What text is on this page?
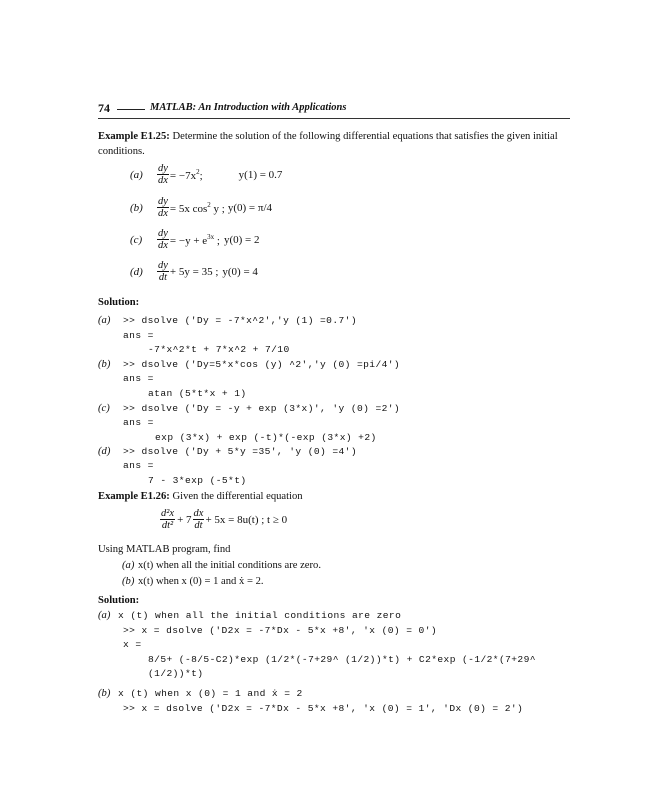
74	MATLAB: An Introduction with Applications
Example E1.25: Determine the solution of the following differential equations that satisfies the given initial
conditions.
(a)	$\frac{dy}{dx} = -7x^2$;	y(1) = 0.7
(b)	$\frac{dy}{dx} = 5x$ $\cos^2 y$ ; y(0) = π/4
(c)	$\frac{dy}{dx} = -y + e^{3x}$ ; y(0) = 2
(d)	$\frac{dy}{dt} + 5y = 35$ ; y(0) = 4
Solution:
(a) >> dsolve ('Dy = -7*x^2','y (1) =0.7')
ans =
-7*x^2*t + 7*x^2 + 7/10
(b) >> dsolve ('Dy=5*x*cos (y) ^2','y (0) =pi/4')
ans =
atan (5*t*x + 1)
(c) >> dsolve ('Dy = -y + exp (3*x)', 'y (0) =2')
ans =
exp (3*x) + exp (-t)*(-exp (3*x) +2)
(d) >> dsolve ('Dy + 5*y =35', 'y (0) =4')
ans =
7 - 3*exp (-5*t)
Example E1.26: Given the differential equation
$\frac{\text{d²x}}{\text{dt²}} + 7 \frac{dx}{dt} + 5x = 8u(t)$ ; t ≥ 0
Using MATLAB program, find
(a) x(t) when all the initial conditions are zero.
(b) x(t) when x (0) = 1 and ẋ = 2.
Solution:
(a) x (t) when all the initial conditions are zero
>> x = dsolve ('D2x = -7*Dx - 5*x +8', 'x (0) = 0')
x =
8/5+ (-8/5-C2)*exp (1/2*(-7+29^ (1/2))*t) + C2*exp (-1/2*(7+29^
(1/2))*t)
(b) x (t) when x (0) = 1 and ẋ = 2
>> x = dsolve ('D2x = -7*Dx - 5*x +8', 'x (0) = 1', 'Dx (0) = 2')
